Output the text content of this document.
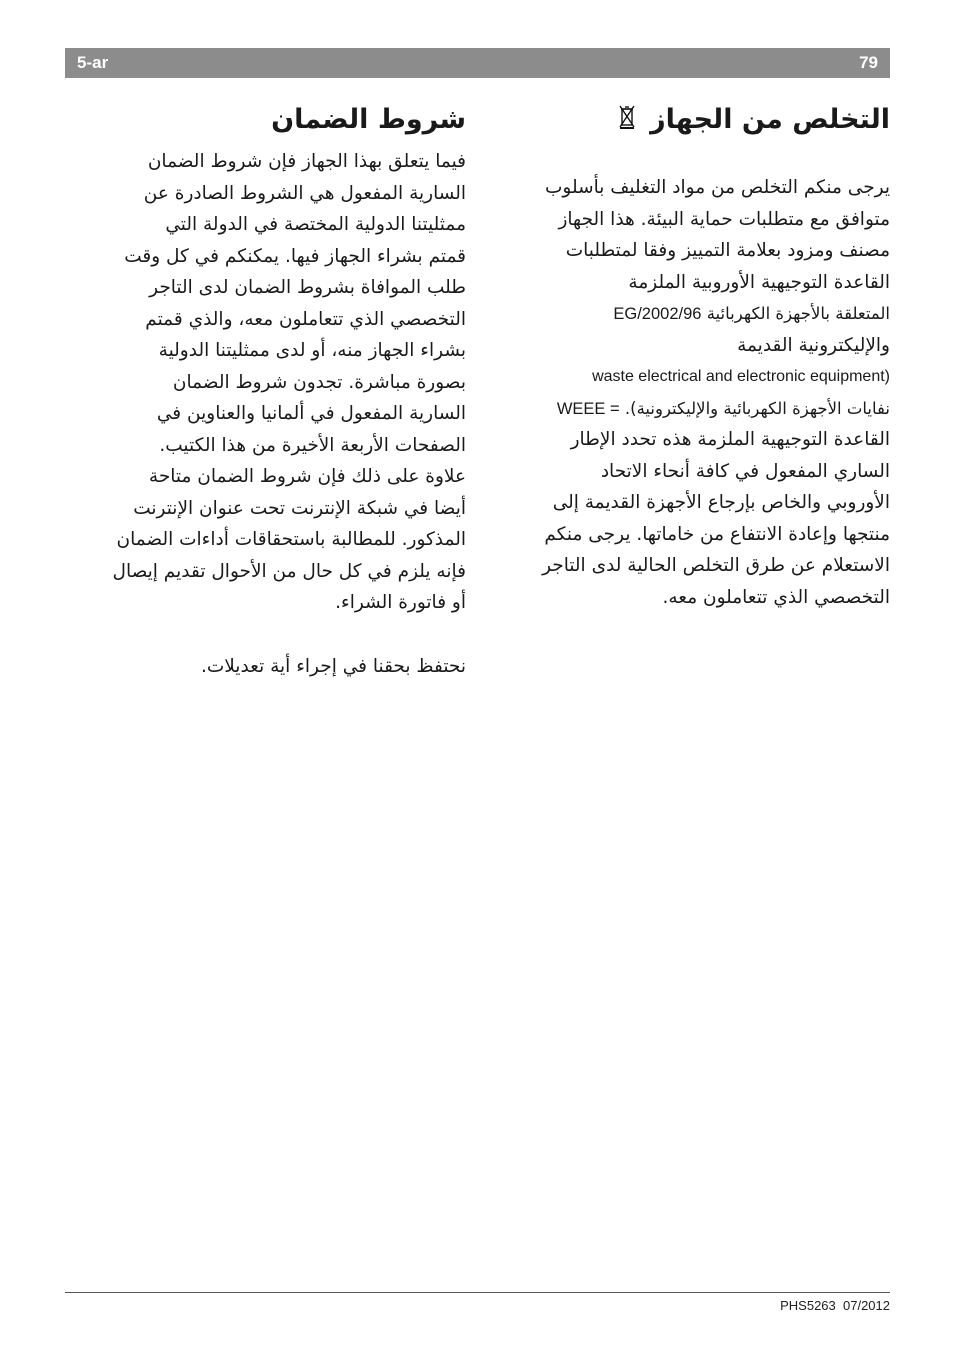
5-ar	79
التخلص من الجهاز
يرجى منكم التخلص من مواد التغليف بأسلوب
متوافق مع متطلبات حماية البيئة. هذا الجهاز
مصنف ومزود بعلامة التمييز وفقا لمتطلبات
القاعدة التوجيهية الأوروبية الملزمة
المتعلقة بالأجهزة الكهربائية 2002/96/EG
والإليكترونية القديمة
waste electrical and electronic equipment)
نفايات الأجهزة الكهربائية والإليكترونية). WEEE =
القاعدة التوجيهية الملزمة هذه تحدد الإطار
الساري المفعول في كافة أنحاء الاتحاد
الأوروبي والخاص بإرجاع الأجهزة القديمة إلى
منتجها وإعادة الانتفاع من خاماتها. يرجى منكم
الاستعلام عن طرق التخلص الحالية لدى التاجر
التخصصي الذي تتعاملون معه.
شروط الضمان
فيما يتعلق بهذا الجهاز فإن شروط الضمان
السارية المفعول هي الشروط الصادرة عن
ممثليتنا الدولية المختصة في الدولة التي
قمتم بشراء الجهاز فيها. يمكنكم في كل وقت
طلب الموافاة بشروط الضمان لدى التاجر
التخصصي الذي تتعاملون معه، والذي قمتم
بشراء الجهاز منه، أو لدى ممثليتنا الدولية
بصورة مباشرة. تجدون شروط الضمان
السارية المفعول في ألمانيا والعناوين في
الصفحات الأربعة الأخيرة من هذا الكتيب.
علاوة على ذلك فإن شروط الضمان متاحة
أيضا في شبكة الإنترنت تحت عنوان الإنترنت
المذكور. للمطالبة باستحقاقات أداءات الضمان
فإنه يلزم في كل حال من الأحوال تقديم إيصال
أو فاتورة الشراء.
نحتفظ بحقنا في إجراء أية تعديلات.
PHS5263 07/2012
